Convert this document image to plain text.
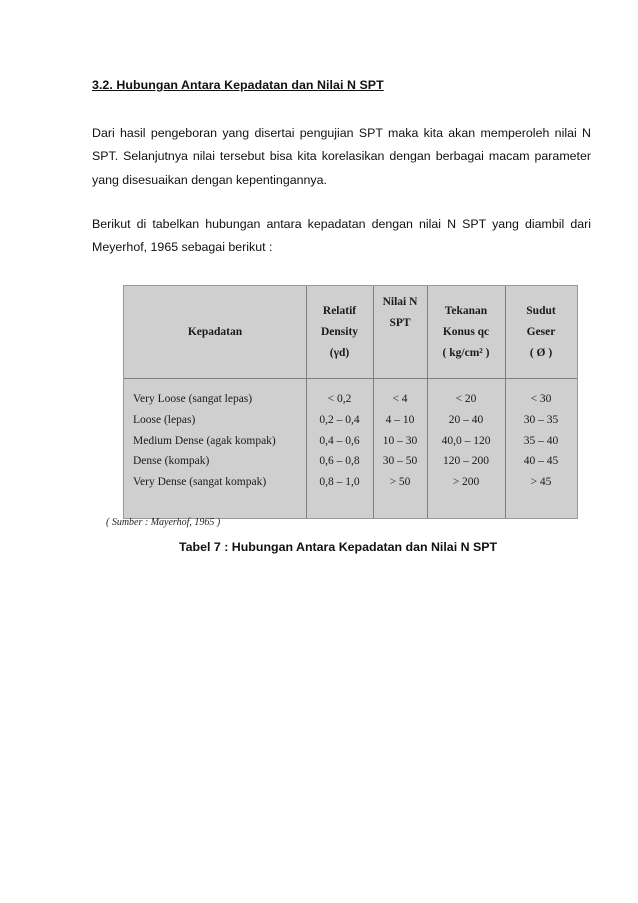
3.2. Hubungan Antara Kepadatan dan Nilai N SPT

Dari hasil pengeboran yang disertai pengujian SPT maka kita akan memperoleh nilai N SPT. Selanjutnya nilai tersebut bisa kita korelasikan dengan berbagai macam parameter yang disesuaikan dengan kepentingannya.

Berikut di tabelkan hubungan antara kepadatan dengan nilai N SPT yang diambil dari Meyerhof, 1965 sebagai berikut :

Kepadatan
Relatif
Density
(γd)
Nilai N
SPT
Tekanan
Konus qc
( kg/cm² )
Sudut
Geser
( Ø )
Very Loose (sangat lepas)
Loose (lepas)
Medium Dense (agak kompak)
Dense (kompak)
Very Dense (sangat kompak)
< 0,2
0,2 – 0,4
0,4 – 0,6
0,6 – 0,8
0,8 – 1,0
< 4
4 – 10
10 – 30
30 – 50
> 50
< 20
20 – 40
40,0 – 120
120 – 200
> 200
< 30
30 – 35
35 – 40
40 – 45
> 45
( Sumber : Mayerhof, 1965 )
Tabel 7 : Hubungan Antara Kepadatan dan Nilai N SPT
